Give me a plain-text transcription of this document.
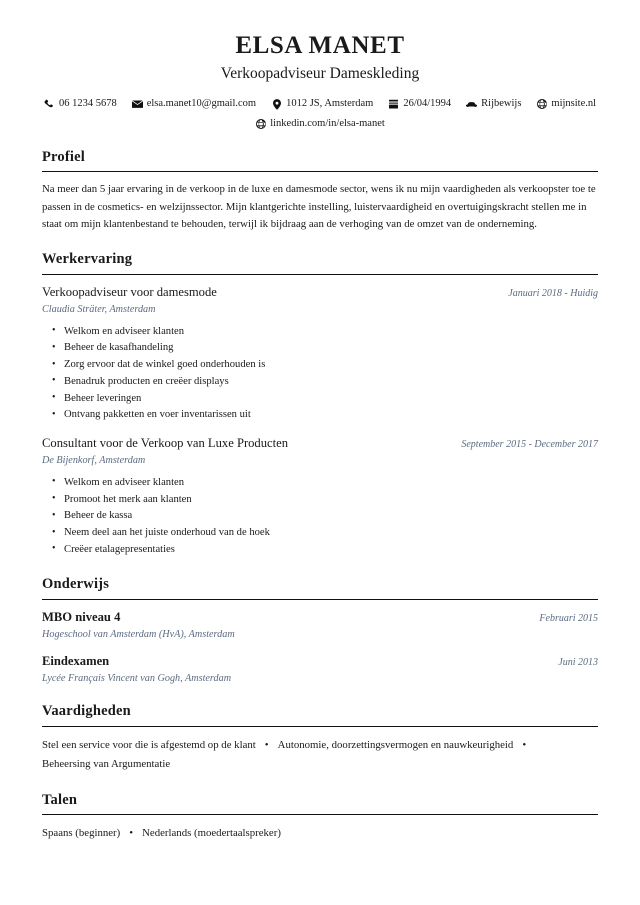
ELSA MANET
Verkoopadviseur Dameskleding
06 1234 5678	elsa.manet10@gmail.com	1012 JS, Amsterdam	26/04/1994	Rijbewijs	mijnsite.nl
linkedin.com/in/elsa-manet
Profiel

Na meer dan 5 jaar ervaring in de verkoop in de luxe en damesmode sector, wens ik nu mijn vaardigheden als verkoopster toe te passen in de cosmetics- en welzijnssector. Mijn klantgerichte instelling, luistervaardigheid en overtuigingskracht stellen me in staat om mijn klantenbestand te behouden, terwijl ik bijdraag aan de verhoging van de omzet van de onderneming.

Werkervaring
Verkoopadviseur voor damesmode	Januari 2018 - Huidig
Claudia Sträter, Amsterdam
• Welkom en adviseer klanten
• Beheer de kasafhandeling
• Zorg ervoor dat de winkel goed onderhouden is
• Benadruk producten en creëer displays
• Beheer leveringen
• Ontvang pakketten en voer inventarissen uit
Consultant voor de Verkoop van Luxe Producten	September 2015 - December 2017
De Bijenkorf, Amsterdam
• Welkom en adviseer klanten
• Promoot het merk aan klanten
• Beheer de kassa
• Neem deel aan het juiste onderhoud van de hoek
• Creëer etalagepresentaties
Onderwijs
MBO niveau 4	Februari 2015
Hogeschool van Amsterdam (HvA), Amsterdam
Eindexamen	Juni 2013
Lycée Français Vincent van Gogh, Amsterdam
Vaardigheden
Stel een service voor die is afgestemd op de klant • Autonomie, doorzettingsvermogen en nauwkeurigheid
•
Beheersing van Argumentatie
Talen
Spaans (beginner) • Nederlands (moedertaalspreker)
